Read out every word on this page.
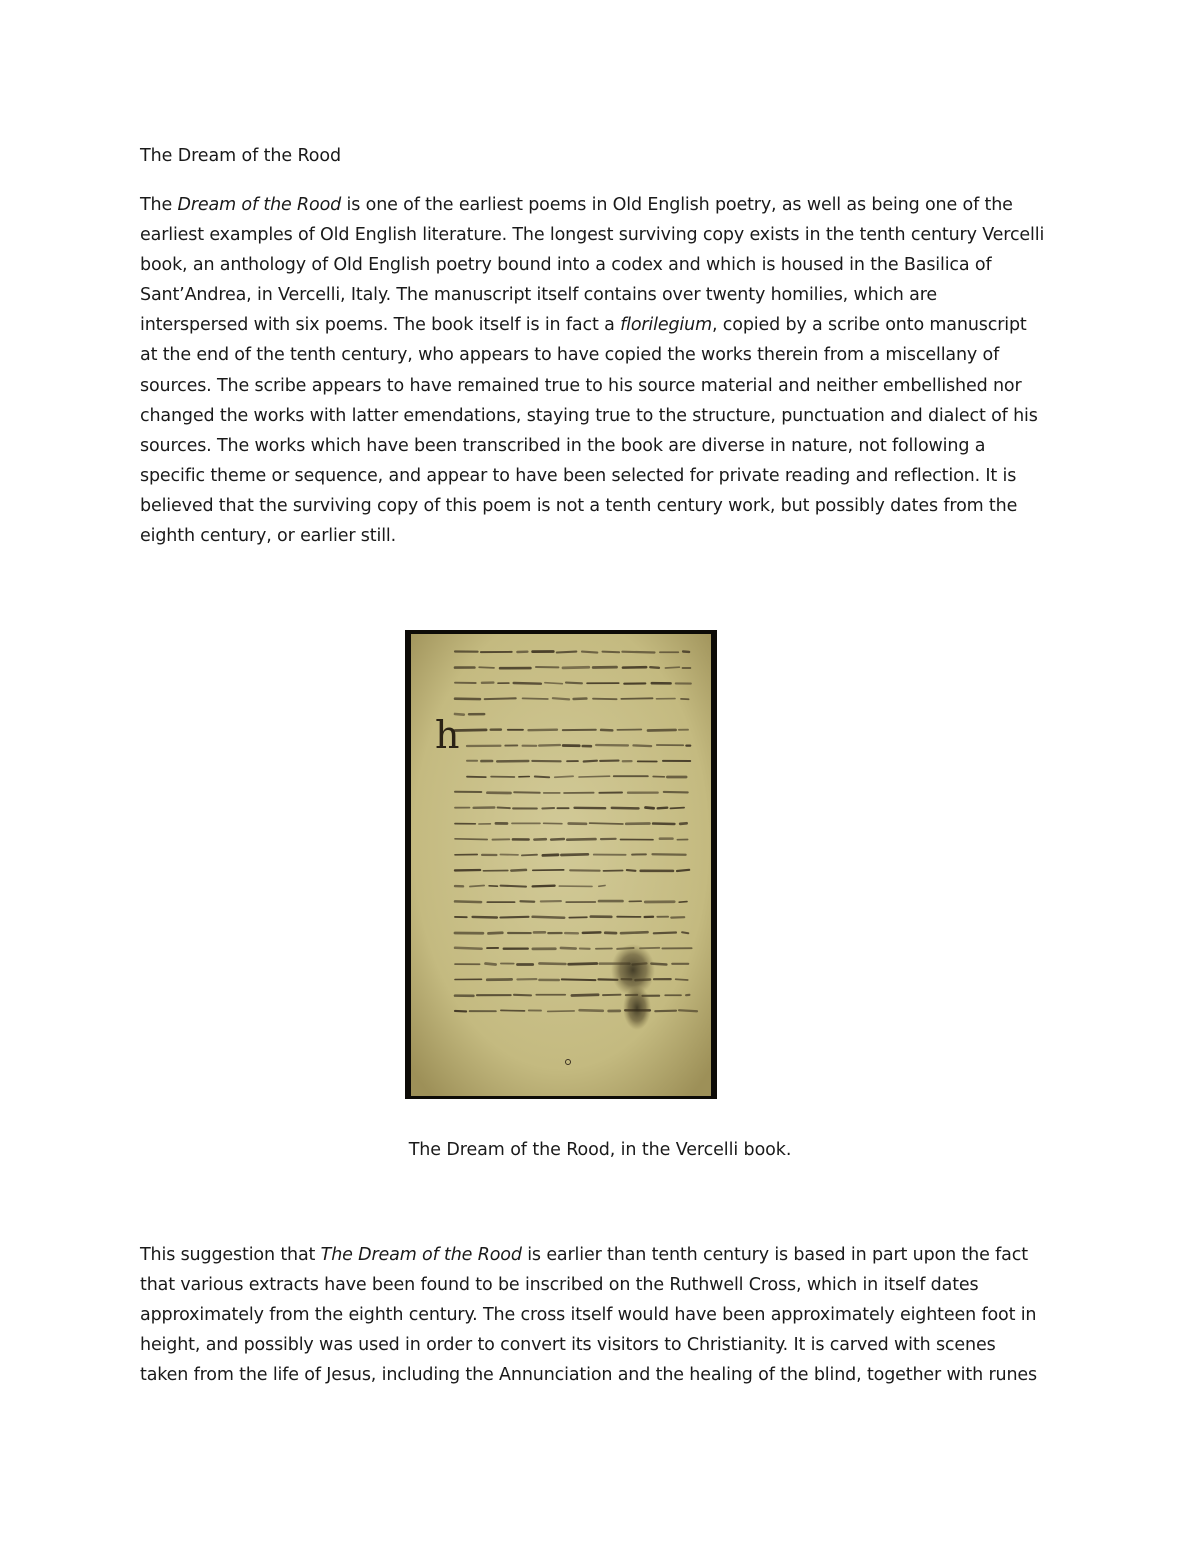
The Dream of the Rood
The Dream of the Rood is one of the earliest poems in Old English poetry, as well as being one of the
earliest examples of Old English literature. The longest surviving copy exists in the tenth century Vercelli
book, an anthology of Old English poetry bound into a codex and which is housed in the Basilica of
Sant’Andrea, in Vercelli, Italy. The manuscript itself contains over twenty homilies, which are
interspersed with six poems. The book itself is in fact a florilegium, copied by a scribe onto manuscript
at the end of the tenth century, who appears to have copied the works therein from a miscellany of
sources. The scribe appears to have remained true to his source material and neither embellished nor
changed the works with latter emendations, staying true to the structure, punctuation and dialect of his
sources. The works which have been transcribed in the book are diverse in nature, not following a
specific theme or sequence, and appear to have been selected for private reading and reflection. It is
believed that the surviving copy of this poem is not a tenth century work, but possibly dates from the
eighth century, or earlier still.
h
The Dream of the Rood, in the Vercelli book.
This suggestion that The Dream of the Rood is earlier than tenth century is based in part upon the fact
that various extracts have been found to be inscribed on the Ruthwell Cross, which in itself dates
approximately from the eighth century. The cross itself would have been approximately eighteen foot in
height, and possibly was used in order to convert its visitors to Christianity. It is carved with scenes
taken from the life of Jesus, including the Annunciation and the healing of the blind, together with runes
